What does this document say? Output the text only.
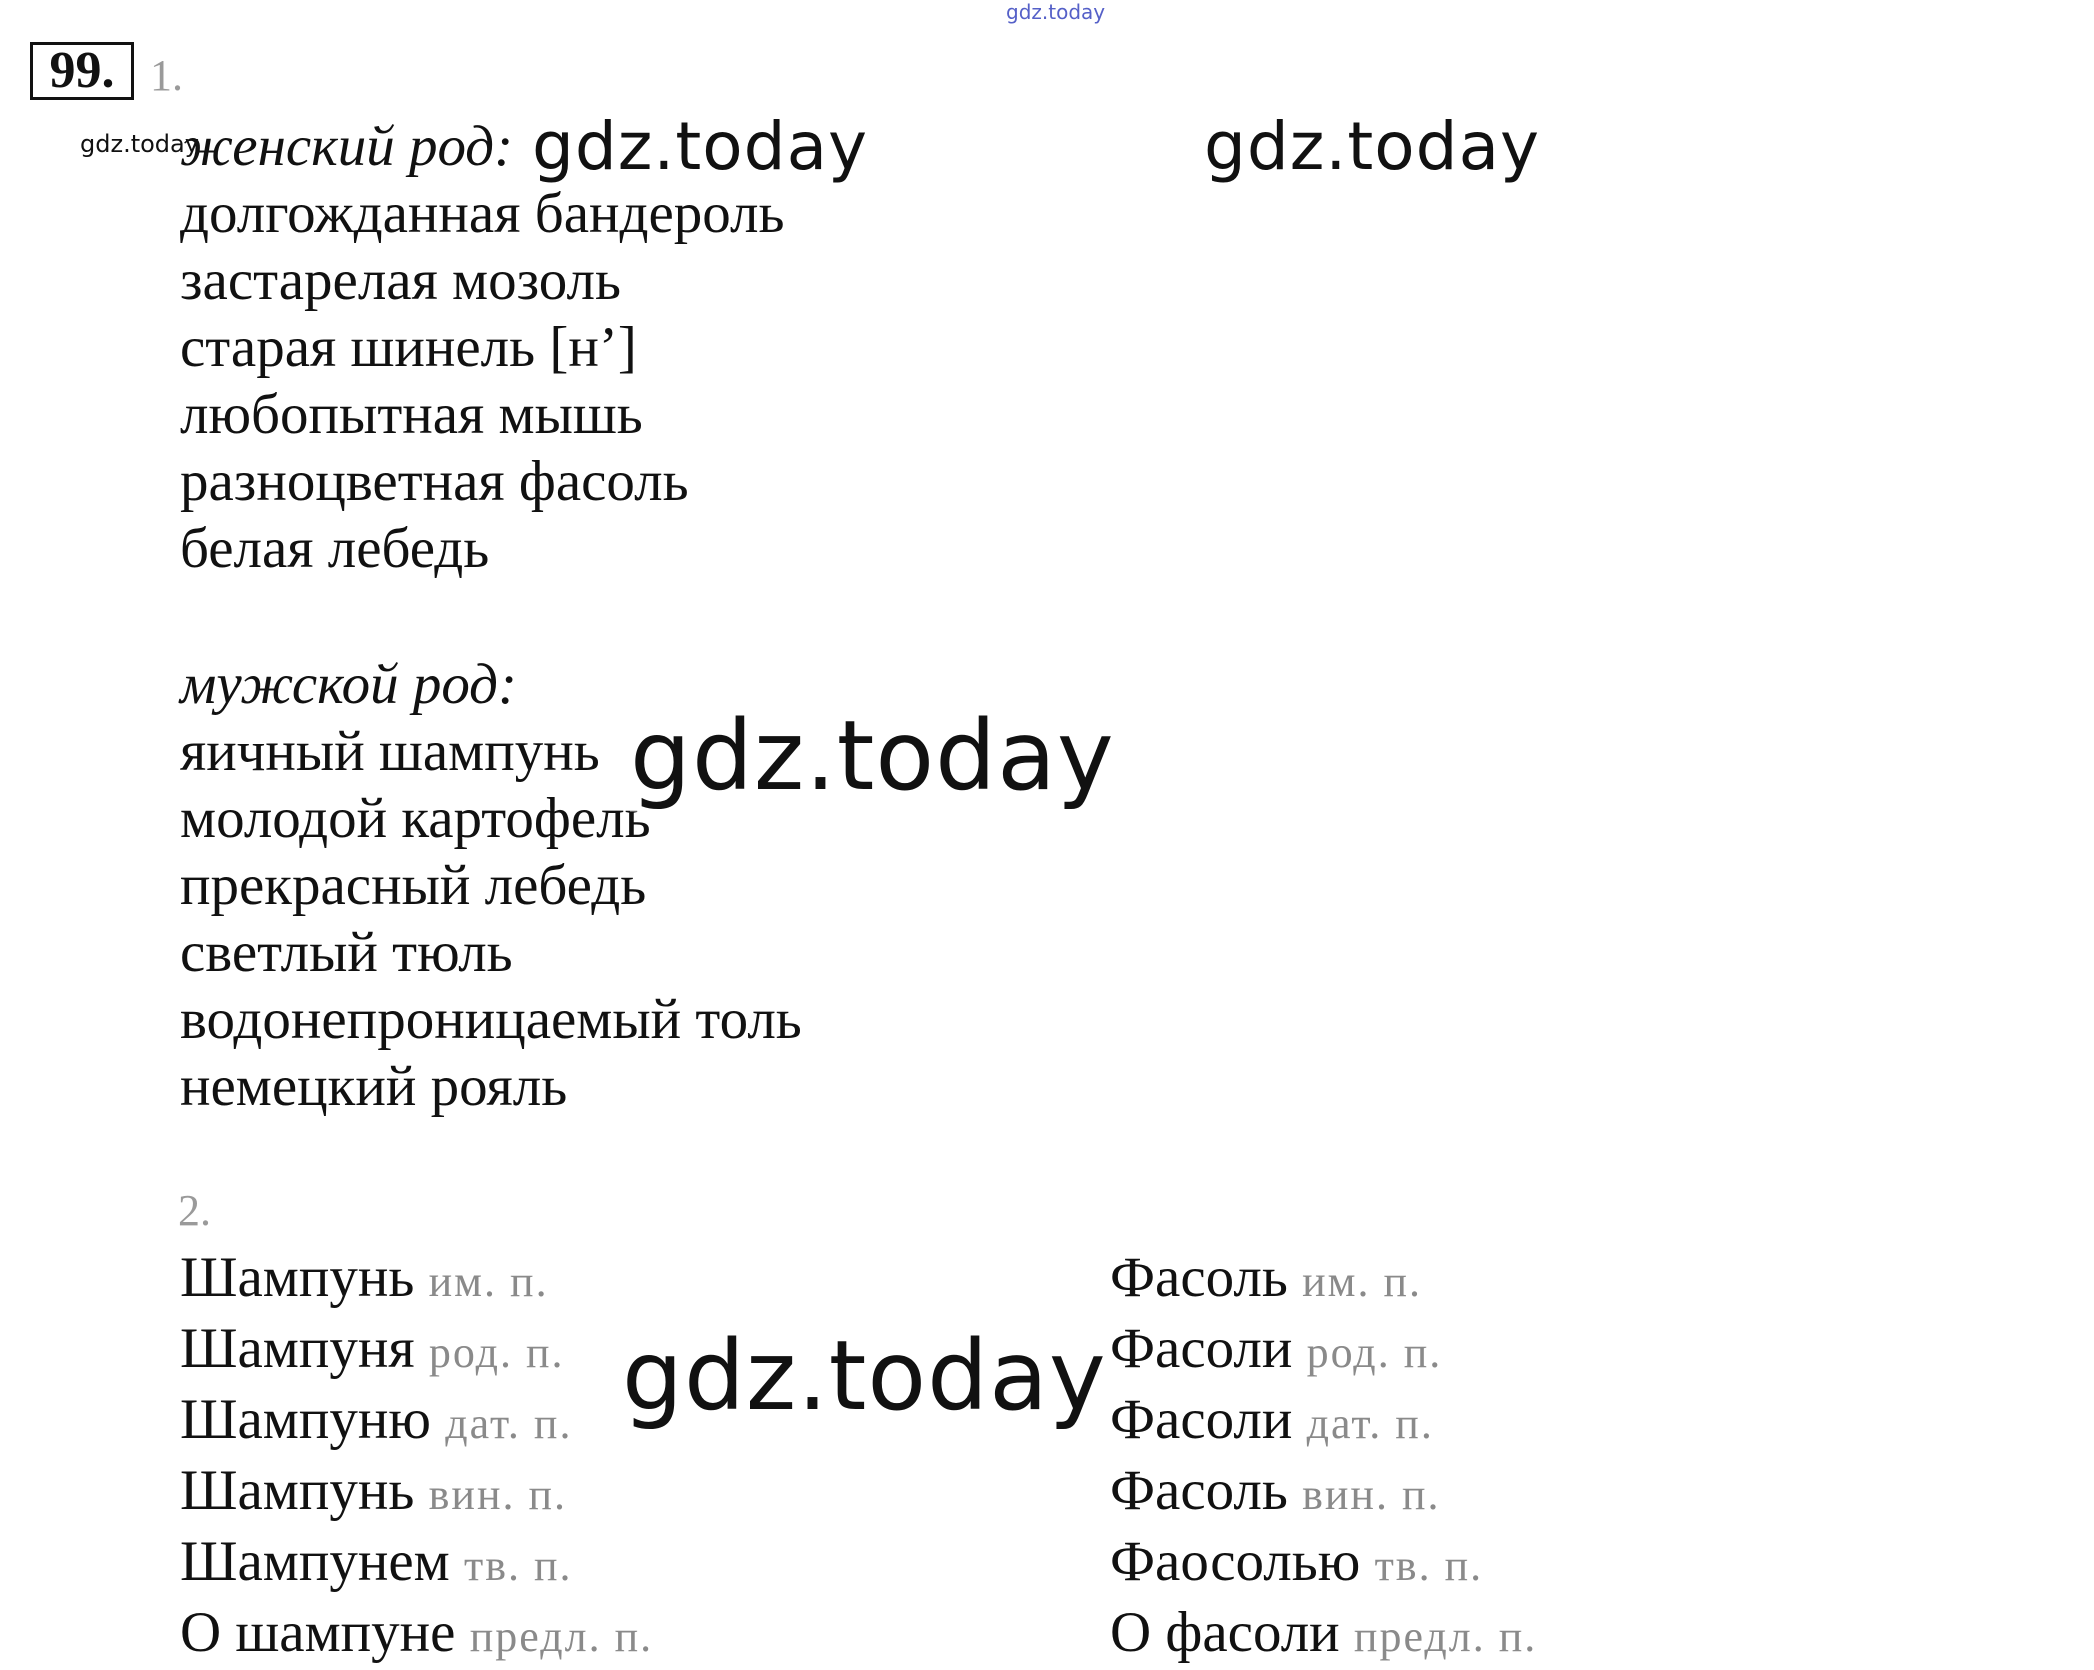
gdz.today
99. 1.
gdz.today
женский род:
долгожданная бандероль
застарелая мозоль
старая шинель [н’]
любопытная мышь
разноцветная фасоль
белая лебедь
мужской род:
яичный шампунь
молодой картофель
прекрасный лебедь
светлый тюль
водонепроницаемый толь
немецкий рояль
2.
Шампунь им. п.
Шампуня род. п.
Шампуню дат. п.
Шампунь вин. п.
Шампунем тв. п.
О шампуне предл. п.
Фасоль им. п.
Фасоли род. п.
Фасоли дат. п.
Фасоль вин. п.
Фаосолью тв. п.
О фасоли предл. п.
gdz.today	gdz.today
gdz.today
gdz.today
